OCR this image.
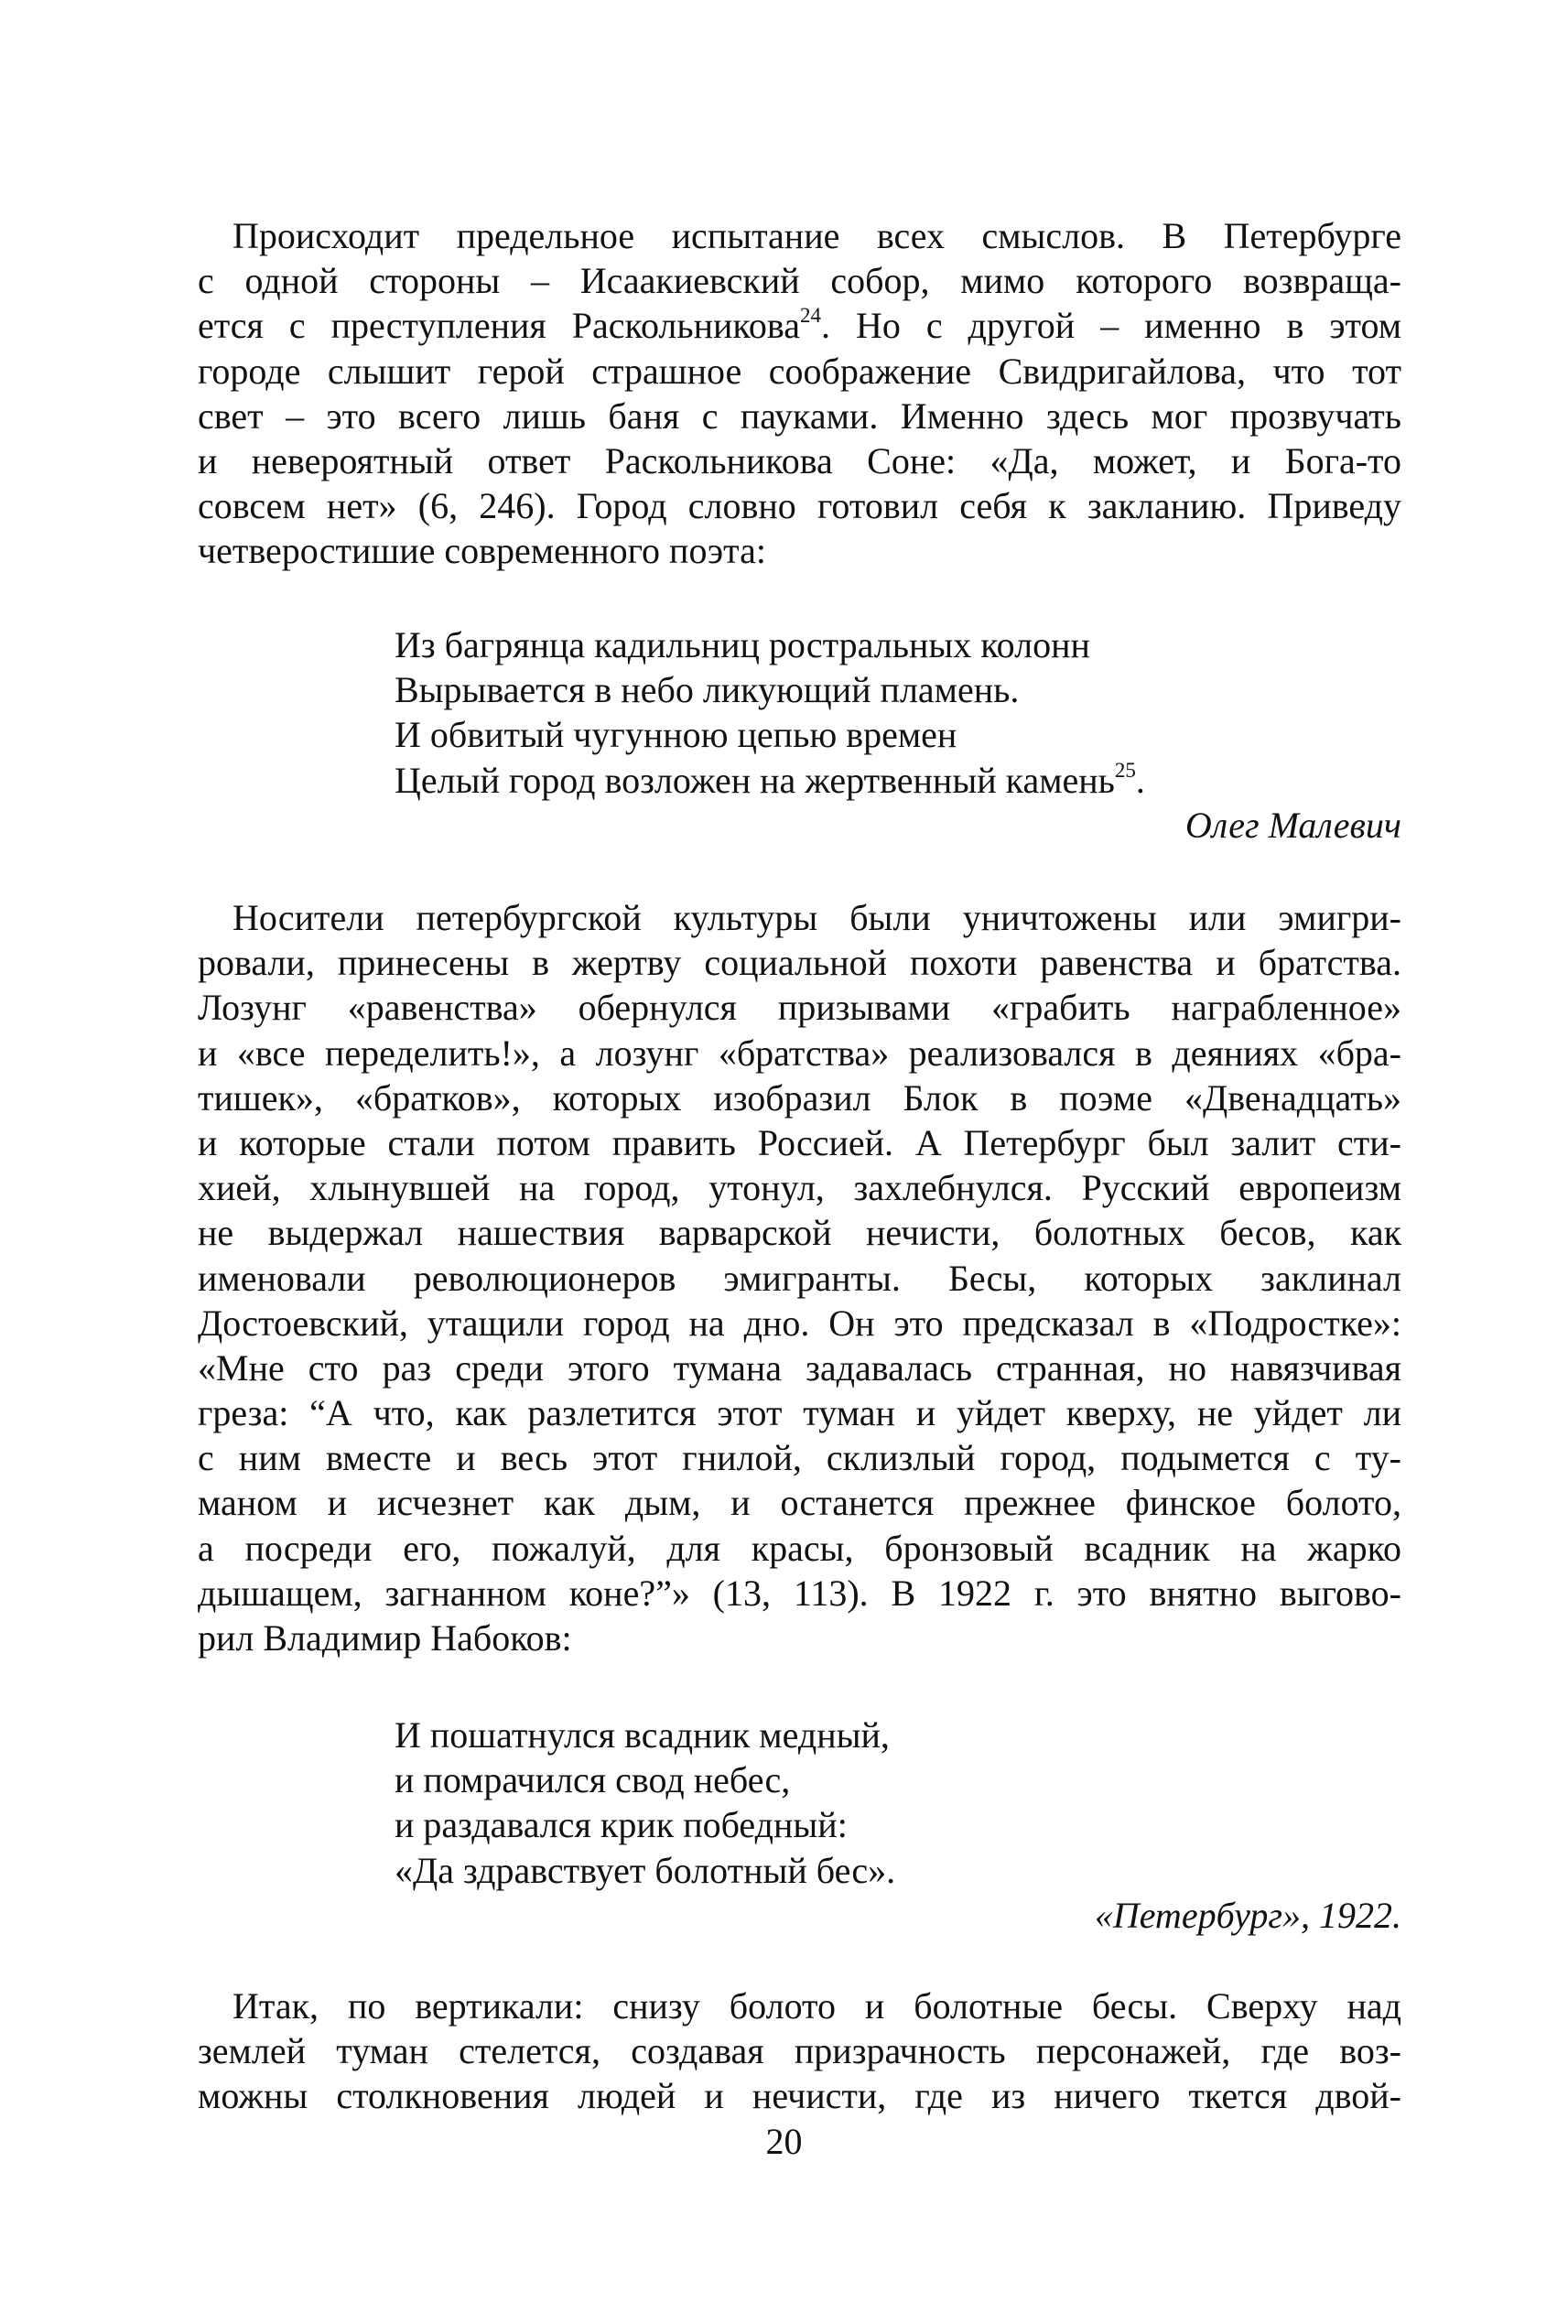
Происходит предельное испытание всех смыслов. В Петербурге
с одной стороны – Исаакиевский собор, мимо которого возвраща-
ется с преступления Раскольникова$^{24}$. Но с другой – именно в этом
городе слышит герой страшное соображение Свидригайлова, что тот
свет – это всего лишь баня с пауками. Именно здесь мог прозвучать
и невероятный ответ Раскольникова Соне: «Да, может, и Бога-то
совсем нет» (6, 246). Город словно готовил себя к закланию. Приведу
четверостишие современного поэта:
Из багрянца кадильниц ростральных колонн
Вырывается в небо ликующий пламень.
И обвитый чугунною цепью времен
Целый город возложен на жертвенный камень$^{25}$.
Олег Малевич
Носители петербургской культуры были уничтожены или эмигри-
ровали, принесены в жертву социальной похоти равенства и братства.
Лозунг «равенства» обернулся призывами «грабить награбленное»
и «все переделить!», а лозунг «братства» реализовался в деяниях «бра-
тишек», «братков», которых изобразил Блок в поэме «Двенадцать»
и которые стали потом править Россией. А Петербург был залит сти-
хией, хлынувшей на город, утонул, захлебнулся. Русский европеизм
не выдержал нашествия варварской нечисти, болотных бесов, как
именовали революционеров эмигранты. Бесы, которых заклинал
Достоевский, утащили город на дно. Он это предсказал в «Подростке»:
«Мне сто раз среди этого тумана задавалась странная, но навязчивая
греза: “А что, как разлетится этот туман и уйдет кверху, не уйдет ли
с ним вместе и весь этот гнилой, склизлый город, подымется с ту-
маном и исчезнет как дым, и останется прежнее финское болото,
а посреди его, пожалуй, для красы, бронзовый всадник на жарко
дышащем, загнанном коне?”» (13, 113). В 1922 г. это внятно выгово-
рил Владимир Набоков:
И пошатнулся всадник медный,
и помрачился свод небес,
и раздавался крик победный:
«Да здравствует болотный бес».
«Петербург», 1922.
Итак, по вертикали: снизу болото и болотные бесы. Сверху над
землей туман стелется, создавая призрачность персонажей, где воз-
можны столкновения людей и нечисти, где из ничего ткется двой-
20
